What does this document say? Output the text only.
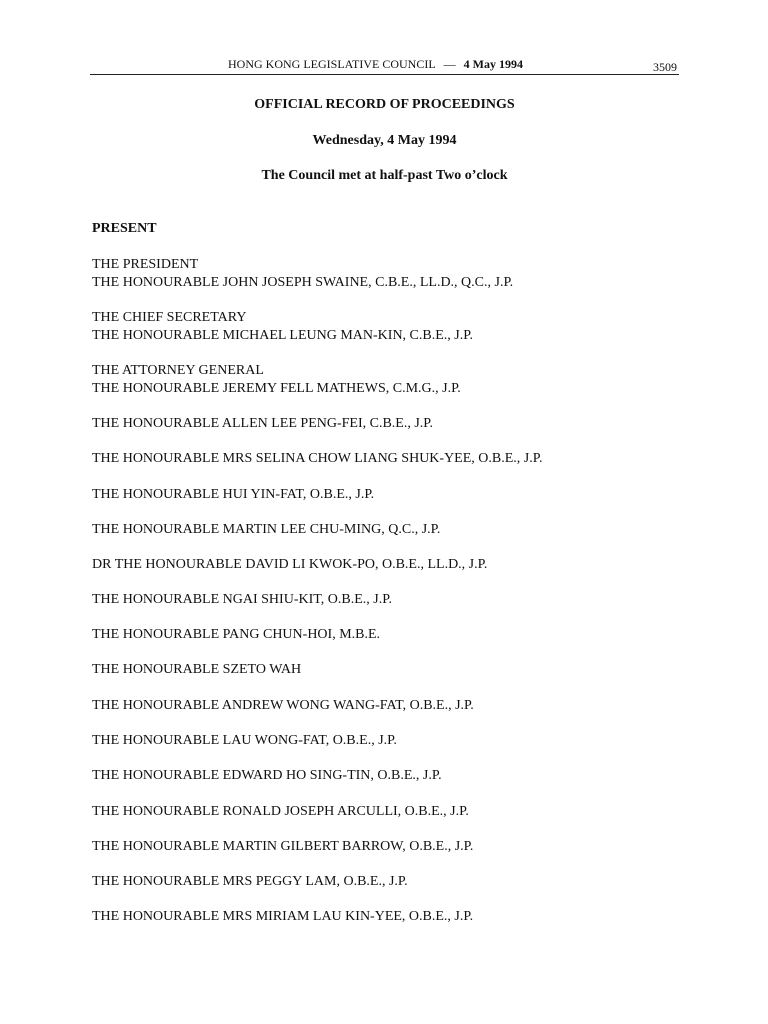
HONG KONG LEGISLATIVE COUNCIL — 4 May 1994	3509
OFFICIAL RECORD OF PROCEEDINGS
Wednesday, 4 May 1994
The Council met at half-past Two o’clock
PRESENT
THE PRESIDENT
THE HONOURABLE JOHN JOSEPH SWAINE, C.B.E., LL.D., Q.C., J.P.
THE CHIEF SECRETARY
THE HONOURABLE MICHAEL LEUNG MAN-KIN, C.B.E., J.P.
THE ATTORNEY GENERAL
THE HONOURABLE JEREMY FELL MATHEWS, C.M.G., J.P.
THE HONOURABLE ALLEN LEE PENG-FEI, C.B.E., J.P.
THE HONOURABLE MRS SELINA CHOW LIANG SHUK-YEE, O.B.E., J.P.
THE HONOURABLE HUI YIN-FAT, O.B.E., J.P.
THE HONOURABLE MARTIN LEE CHU-MING, Q.C., J.P.
DR THE HONOURABLE DAVID LI KWOK-PO, O.B.E., LL.D., J.P.
THE HONOURABLE NGAI SHIU-KIT, O.B.E., J.P.
THE HONOURABLE PANG CHUN-HOI, M.B.E.
THE HONOURABLE SZETO WAH
THE HONOURABLE ANDREW WONG WANG-FAT, O.B.E., J.P.
THE HONOURABLE LAU WONG-FAT, O.B.E., J.P.
THE HONOURABLE EDWARD HO SING-TIN, O.B.E., J.P.
THE HONOURABLE RONALD JOSEPH ARCULLI, O.B.E., J.P.
THE HONOURABLE MARTIN GILBERT BARROW, O.B.E., J.P.
THE HONOURABLE MRS PEGGY LAM, O.B.E., J.P.
THE HONOURABLE MRS MIRIAM LAU KIN-YEE, O.B.E., J.P.
